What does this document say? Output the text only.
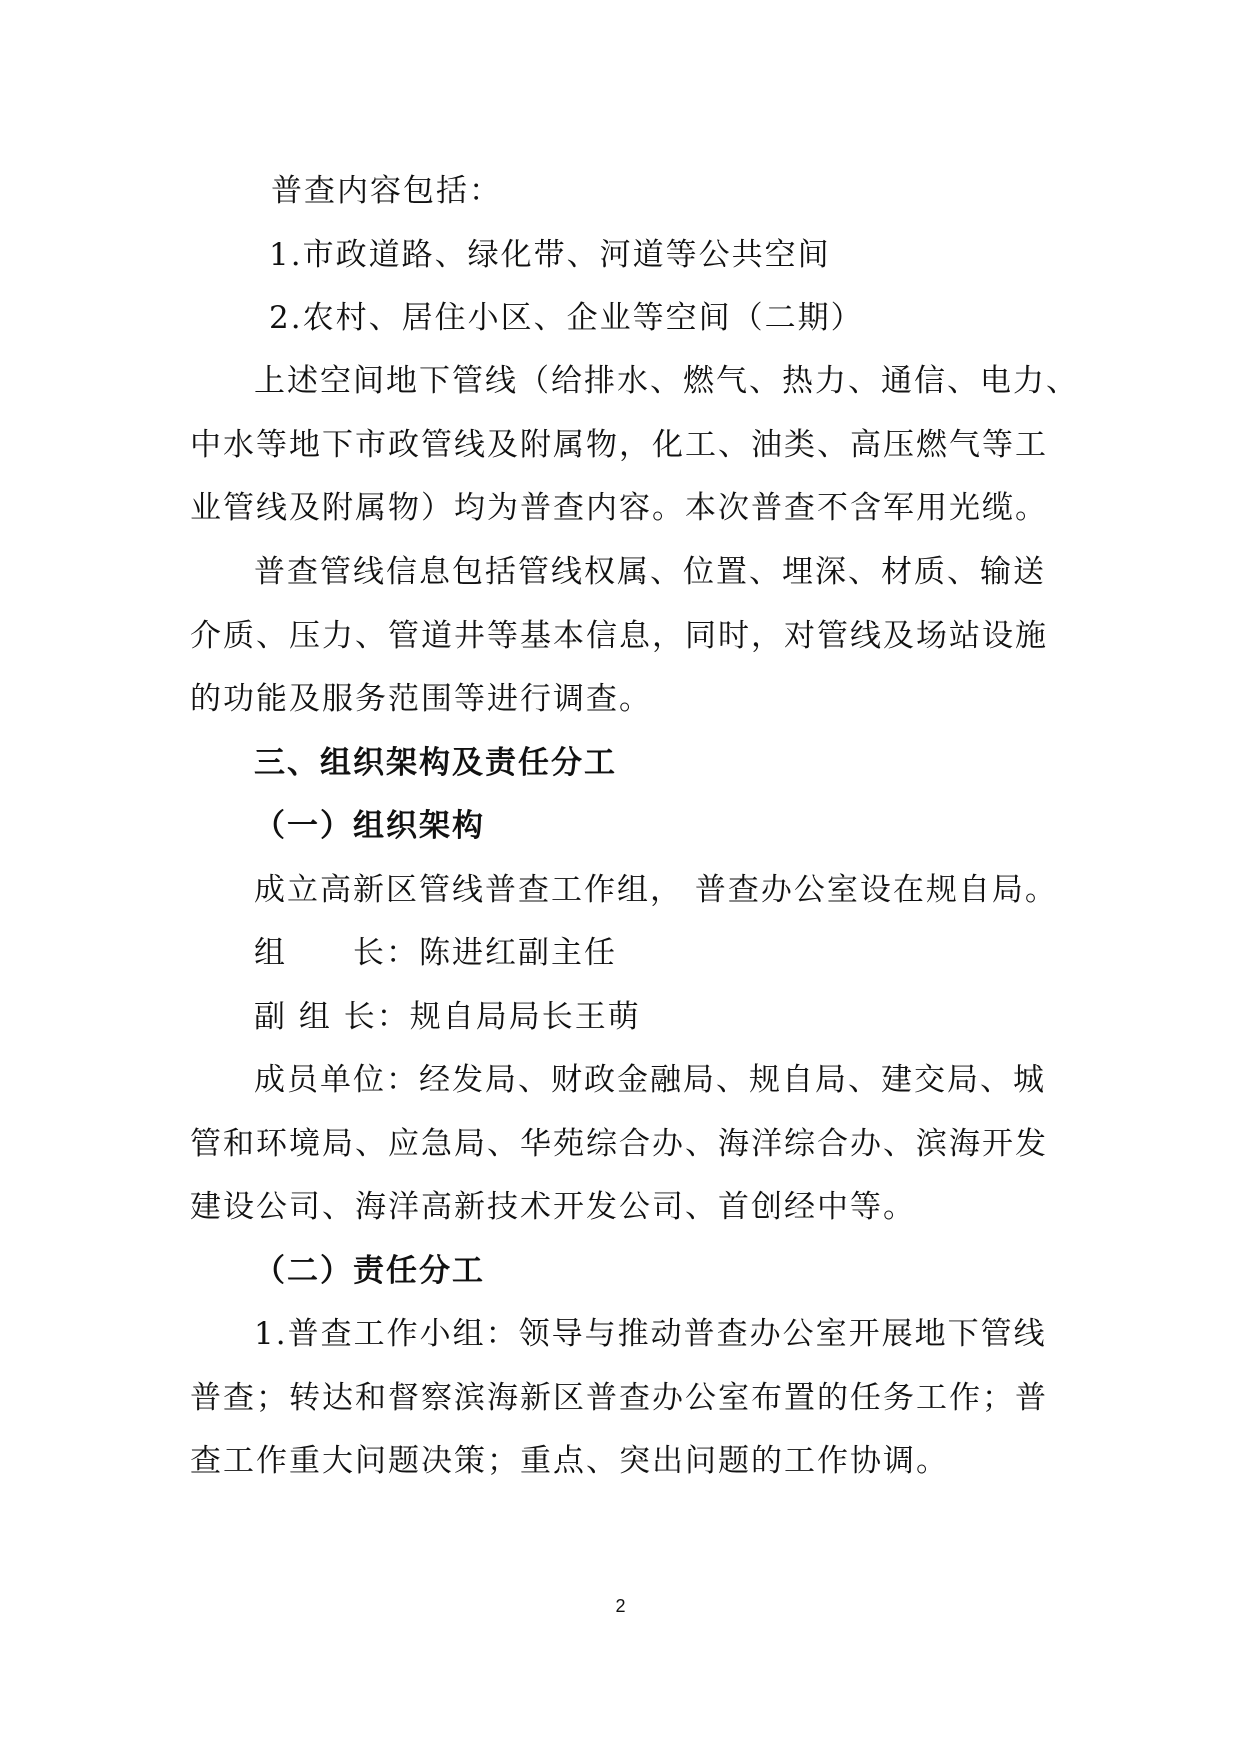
普查内容包括：
1.市政道路、绿化带、河道等公共空间
2.农村、居住小区、企业等空间（二期）
上述空间地下管线（给排水、燃气、热力、通信、电力、
中水等地下市政管线及附属物，化工、油类、高压燃气等工
业管线及附属物）均为普查内容。本次普查不含军用光缆。
普查管线信息包括管线权属、位置、埋深、材质、输送
介质、压力、管道井等基本信息，同时，对管线及场站设施
的功能及服务范围等进行调查。
三、组织架构及责任分工
（一）组织架构
成立高新区管线普查工作组， 普查办公室设在规自局。
组　　长：陈进红副主任
副 组 长：规自局局长王萌
成员单位：经发局、财政金融局、规自局、建交局、城
管和环境局、应急局、华苑综合办、海洋综合办、滨海开发
建设公司、海洋高新技术开发公司、首创经中等。
（二）责任分工
1.普查工作小组：领导与推动普查办公室开展地下管线
普查；转达和督察滨海新区普查办公室布置的任务工作；普
查工作重大问题决策；重点、突出问题的工作协调。
2
